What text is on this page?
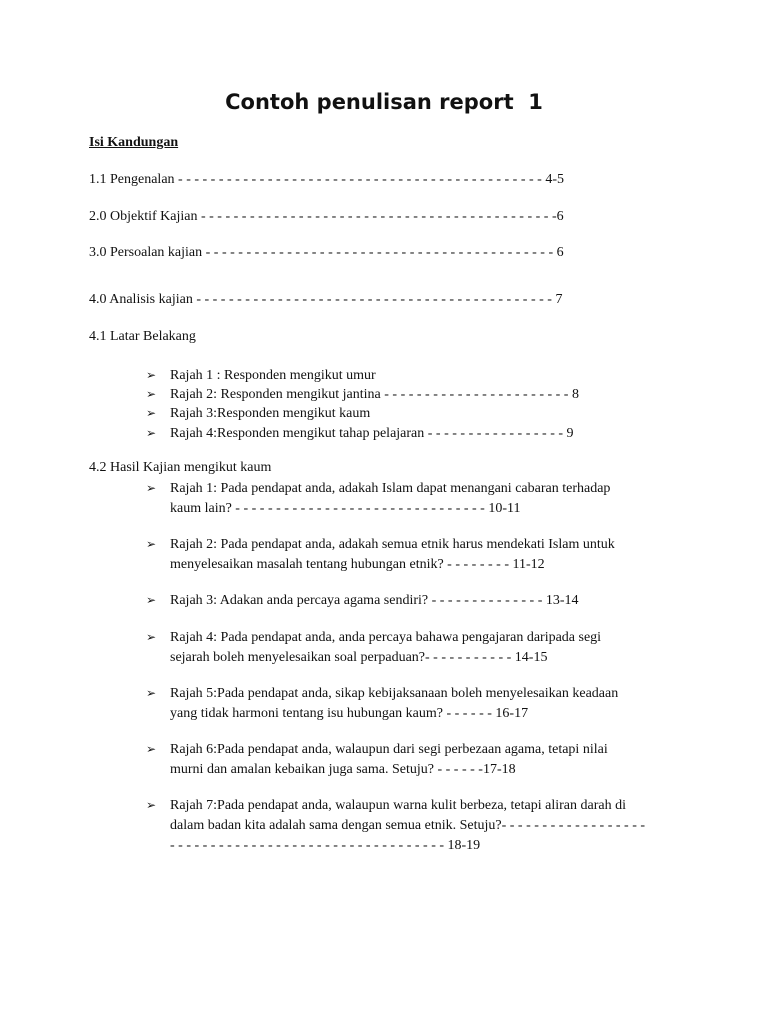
Contoh penulisan report  1
Isi Kandungan
1.1 Pengenalan - - - - - - - - - - - - - - - - - - - - - - - - - - - - - - - - - - - - - - - - - - - - - 4-5
2.0 Objektif Kajian - - - - - - - - - - - - - - - - - - - - - - - - - - - - - - - - - - - - - - - - - - - -6
3.0 Persoalan kajian - - - - - - - - - - - - - - - - - - - - - - - - - - - - - - - - - - - - - - - - - - - 6
4.0 Analisis kajian - - - - - - - - - - - - - - - - - - - - - - - - - - - - - - - - - - - - - - - - - - - - 7
4.1 Latar Belakang
➢ Rajah 1 : Responden mengikut umur
➢ Rajah 2: Responden mengikut jantina - - - - - - - - - - - - - - - - - - - - - - - 8
➢ Rajah 3:Responden mengikut kaum
➢ Rajah 4:Responden mengikut tahap pelajaran - - - - - - - - - - - - - - - - - 9
4.2 Hasil Kajian mengikut kaum
➢ Rajah 1: Pada pendapat anda, adakah Islam dapat menangani cabaran terhadap
kaum lain? - - - - - - - - - - - - - - - - - - - - - - - - - - - - - - - 10-11
➢ Rajah 2: Pada pendapat anda, adakah semua etnik harus mendekati Islam untuk
menyelesaikan masalah tentang hubungan etnik? - - - - - - - - 11-12
➢ Rajah 3: Adakan anda percaya agama sendiri? - - - - - - - - - - - - - - 13-14
➢ Rajah 4: Pada pendapat anda, anda percaya bahawa pengajaran daripada segi
sejarah boleh menyelesaikan soal perpaduan?- - - - - - - - - - - 14-15
➢ Rajah 5:Pada pendapat anda, sikap kebijaksanaan boleh menyelesaikan keadaan
yang tidak harmoni tentang isu hubungan kaum? - - - - - - 16-17
➢ Rajah 6:Pada pendapat anda, walaupun dari segi perbezaan agama, tetapi nilai
murni dan amalan kebaikan juga sama. Setuju? - - - - - -17-18
➢ Rajah 7:Pada pendapat anda, walaupun warna kulit berbeza, tetapi aliran darah di
dalam badan kita adalah sama dengan semua etnik. Setuju?- - - - - - - - - - - - - - - - - -
- - - - - - - - - - - - - - - - - - - - - - - - - - - - - - - - - - 18-19
